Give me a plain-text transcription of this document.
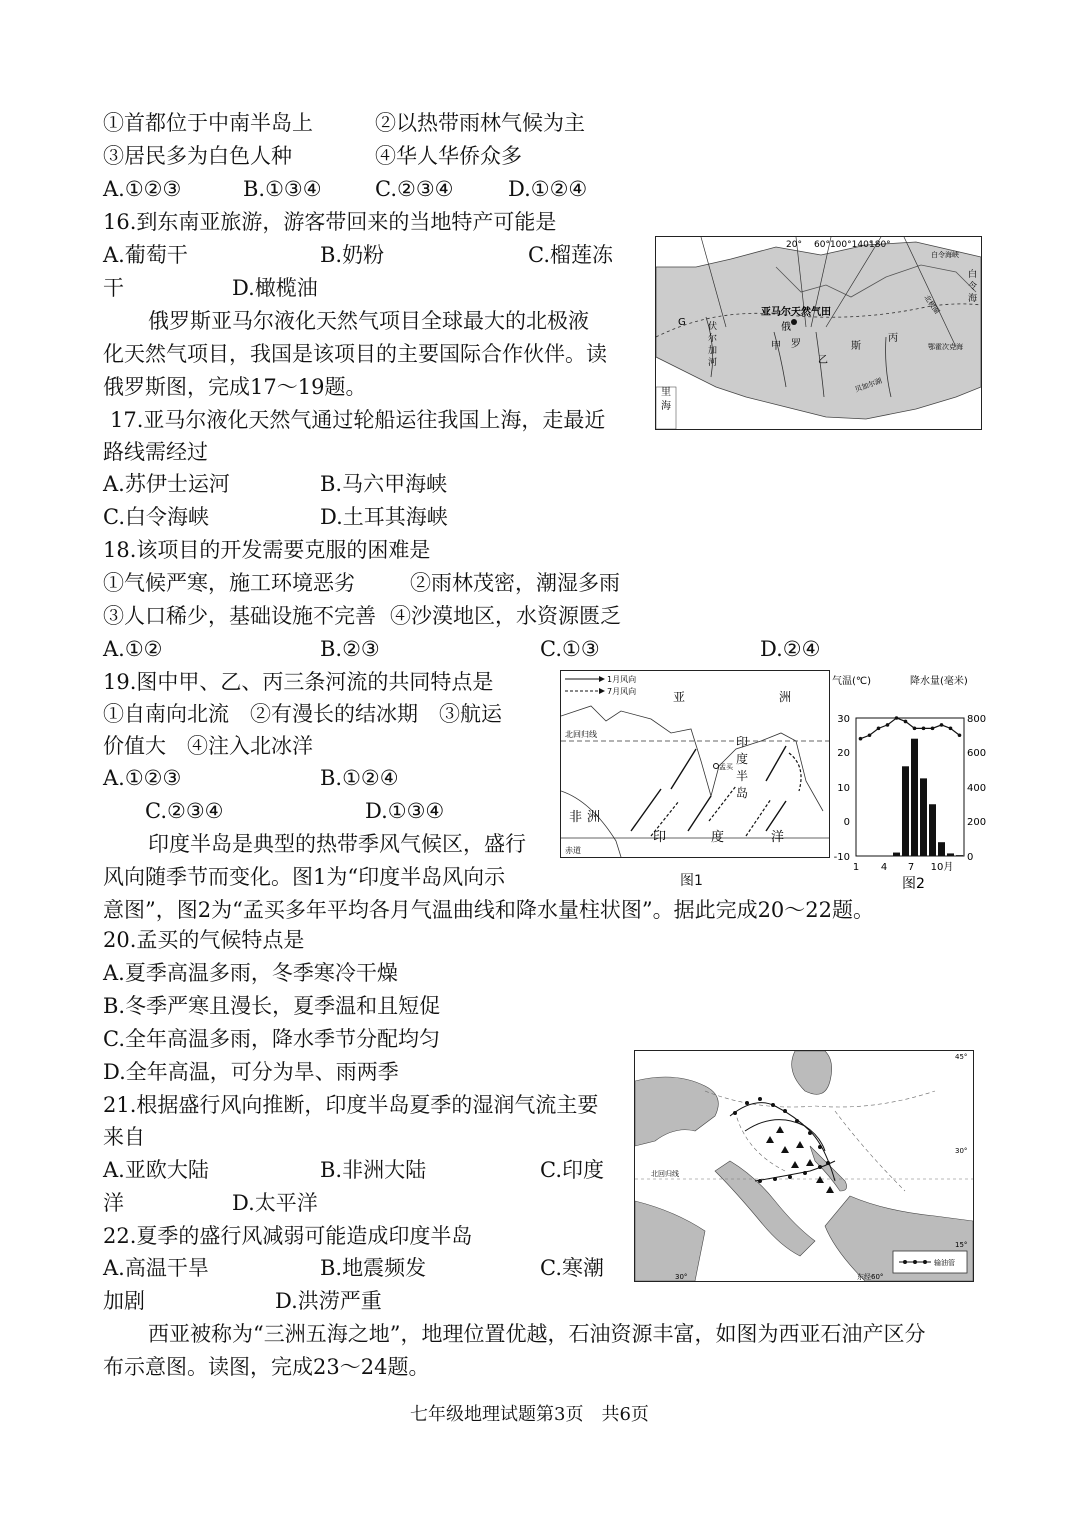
①首都位于中南半岛上	②以热带雨林气候为主
③居民多为白色人种	④华人华侨众多
A.①②③	B.①③④	C.②③④	D.①②④
16.到东南亚旅游，游客带回来的当地特产可能是
A.葡萄干	B.奶粉	C.榴莲冻
干	D.橄榄油
俄罗斯亚马尔液化天然气项目全球最大的北极液
化天然气项目，我国是该项目的主要国际合作伙伴。读
俄罗斯图，完成17～19题。
17.亚马尔液化天然气通过轮船运往我国上海，走最近
路线需经过
A.苏伊士运河	B.马六甲海峡
C.白令海峡	D.土耳其海峡
18.该项目的开发需要克服的困难是
①气候严寒，施工环境恶劣	②雨林茂密，潮湿多雨
③人口稀少，基础设施不完善 ④沙漠地区，水资源匮乏
A.①②	B.②③	C.①③	D.②④
19.图中甲、乙、丙三条河流的共同特点是
①自南向北流　②有漫长的结冰期　③航运
价值大　④注入北冰洋
A.①②③	B.①②④
C.②③④	D.①③④
印度半岛是典型的热带季风气候区，盛行
风向随季节而变化。图1为“印度半岛风向示
意图”，图2为“孟买多年平均各月气温曲线和降水量柱状图”。据此完成20～22题。
20.孟买的气候特点是
A.夏季高温多雨，冬季寒冷干燥
B.冬季严寒且漫长，夏季温和且短促
C.全年高温多雨，降水季节分配均匀
D.全年高温，可分为旱、雨两季
21.根据盛行风向推断，印度半岛夏季的湿润气流主要
来自
A.亚欧大陆	B.非洲大陆	C.印度
洋	D.太平洋
22.夏季的盛行风减弱可能造成印度半岛
A.高温干旱	B.地震频发	C.寒潮
加剧	D.洪涝严重
西亚被称为“三洲五海之地”，地理位置优越，石油资源丰富，如图为西亚石油产区分
布示意图。读图，完成23～24题。
七年级地理试题第3页　共6页
20° 60°100°140°
180°
亚马尔天然气田
白令海峡
白
令
海
北极圈
鄂霍次克海
伏
尔
加
河
里
海
甲
俄
罗
乙
斯
丙
贝加尔湖
G
1月风向
7月风向	亚	洲
北回归线
印
度
半
岛
孟买
非 洲
印	度	洋
赤道
图1
气温(℃)	降水量(毫米)
30
20
10
0
-10
800
600
400
200
0
1 4 7 10月
图2
输油管
45°
30°
15°
30°	东经60°
北回归线
